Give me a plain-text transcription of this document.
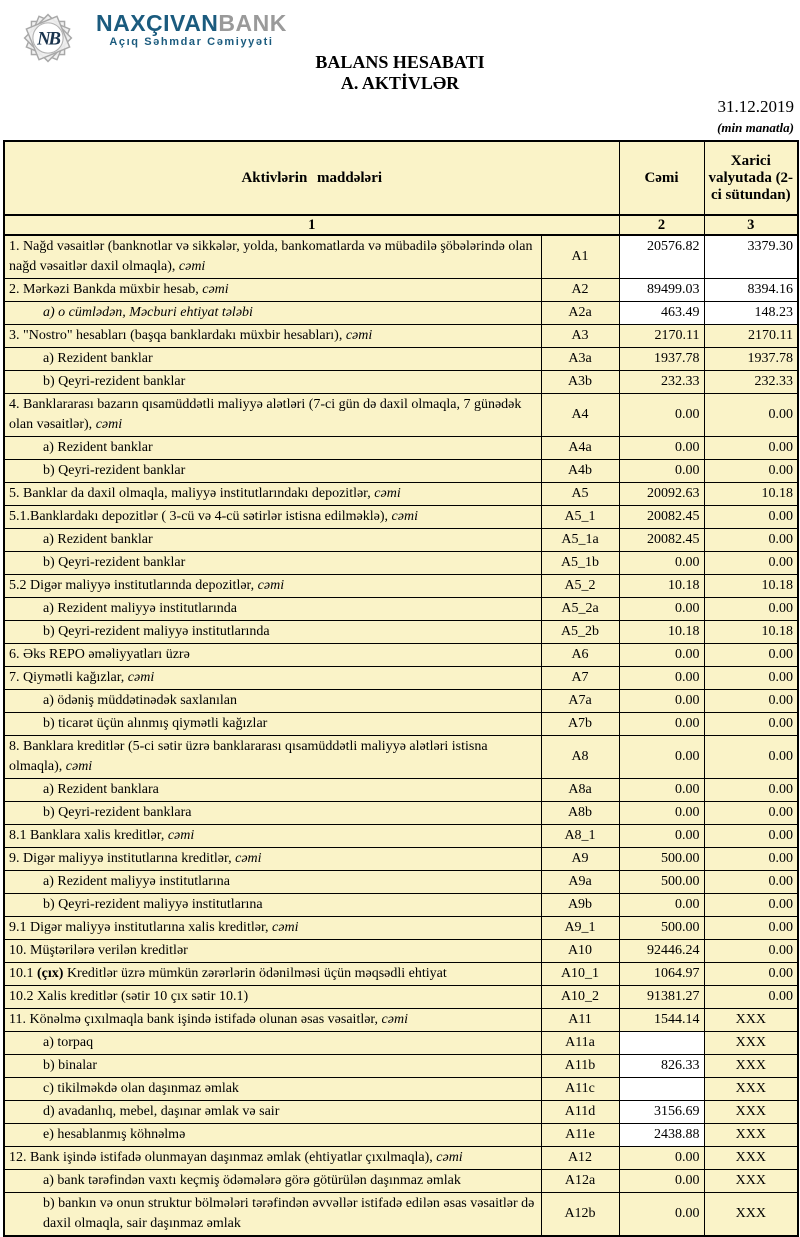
NB
NAXÇIVANBANK
Açıq Səhmdar Cəmiyyəti
BALANS HESABATI
A. AKTİVLƏR
31.12.2019
(min manatla)
Aktivlərin maddələri		Cəmi	Xarici valyutada (2-ci sütundan)
1		2	3
1. Nağd vəsaitlər (banknotlar və sikkələr, yolda, bankomatlarda və mübadilə şöbələrində olan nağd vəsaitlər daxil olmaqla), cəmi	A1	20576.82	3379.30
2. Mərkəzi Bankda müxbir hesab, cəmi	A2	89499.03	8394.16
a) o cümlədən, Məcburi ehtiyat tələbi	A2a	463.49	148.23
3. "Nostro" hesabları (başqa banklardakı müxbir hesabları), cəmi	A3	2170.11	2170.11
a) Rezident banklar	A3a	1937.78	1937.78
b) Qeyri-rezident banklar	A3b	232.33	232.33
4. Banklararası bazarın qısamüddətli maliyyə alətləri (7-ci gün də daxil olmaqla, 7 günədək olan vəsaitlər), cəmi	A4	0.00	0.00
a) Rezident banklar	A4a	0.00	0.00
b) Qeyri-rezident banklar	A4b	0.00	0.00
5. Banklar da daxil olmaqla, maliyyə institutlarındakı depozitlər, cəmi	A5	20092.63	10.18
5.1.Banklardakı depozitlər ( 3-cü və 4-cü sətirlər istisna edilməklə), cəmi	A5_1	20082.45	0.00
a) Rezident banklar	A5_1a	20082.45	0.00
b) Qeyri-rezident banklar	A5_1b	0.00	0.00
5.2 Digər maliyyə institutlarında depozitlər, cəmi	A5_2	10.18	10.18
a) Rezident maliyyə institutlarında	A5_2a	0.00	0.00
b) Qeyri-rezident maliyyə institutlarında	A5_2b	10.18	10.18
6. Əks REPO əməliyyatları üzrə	A6	0.00	0.00
7. Qiymətli kağızlar, cəmi	A7	0.00	0.00
a) ödəniş müddətinədək saxlanılan	A7a	0.00	0.00
b) ticarət üçün alınmış qiymətli kağızlar	A7b	0.00	0.00
8. Banklara kreditlər (5-ci sətir üzrə banklararası qısamüddətli maliyyə alətləri istisna olmaqla), cəmi	A8	0.00	0.00
a) Rezident banklara	A8a	0.00	0.00
b) Qeyri-rezident banklara	A8b	0.00	0.00
8.1 Banklara xalis kreditlər, cəmi	A8_1	0.00	0.00
9. Digər maliyyə institutlarına kreditlər, cəmi	A9	500.00	0.00
a) Rezident maliyyə institutlarına	A9a	500.00	0.00
b) Qeyri-rezident maliyyə institutlarına	A9b	0.00	0.00
9.1 Digər maliyyə institutlarına xalis kreditlər, cəmi	A9_1	500.00	0.00
10. Müştərilərə verilən kreditlər	A10	92446.24	0.00
10.1 (çıx) Kreditlər üzrə mümkün zərərlərin ödənilməsi üçün məqsədli ehtiyat	A10_1	1064.97	0.00
10.2 Xalis kreditlər (sətir 10 çıx sətir 10.1)	A10_2	91381.27	0.00
11. Könəlmə çıxılmaqla bank işində istifadə olunan əsas vəsaitlər, cəmi	A11	1544.14	XXX
a) torpaq	A11a		XXX
b) binalar	A11b	826.33	XXX
c) tikilməkdə olan daşınmaz əmlak	A11c		XXX
d) avadanlıq, mebel, daşınar əmlak və sair	A11d	3156.69	XXX
e) hesablanmış köhnəlmə	A11e	2438.88	XXX
12. Bank işində istifadə olunmayan daşınmaz əmlak (ehtiyatlar çıxılmaqla), cəmi	A12	0.00	XXX
a) bank tərəfindən vaxtı keçmiş ödəmələrə görə götürülən daşınmaz əmlak	A12a	0.00	XXX
b) bankın və onun struktur bölmələri tərəfindən əvvəllər istifadə edilən əsas vəsaitlər də daxil olmaqla, sair daşınmaz əmlak	A12b	0.00	XXX
